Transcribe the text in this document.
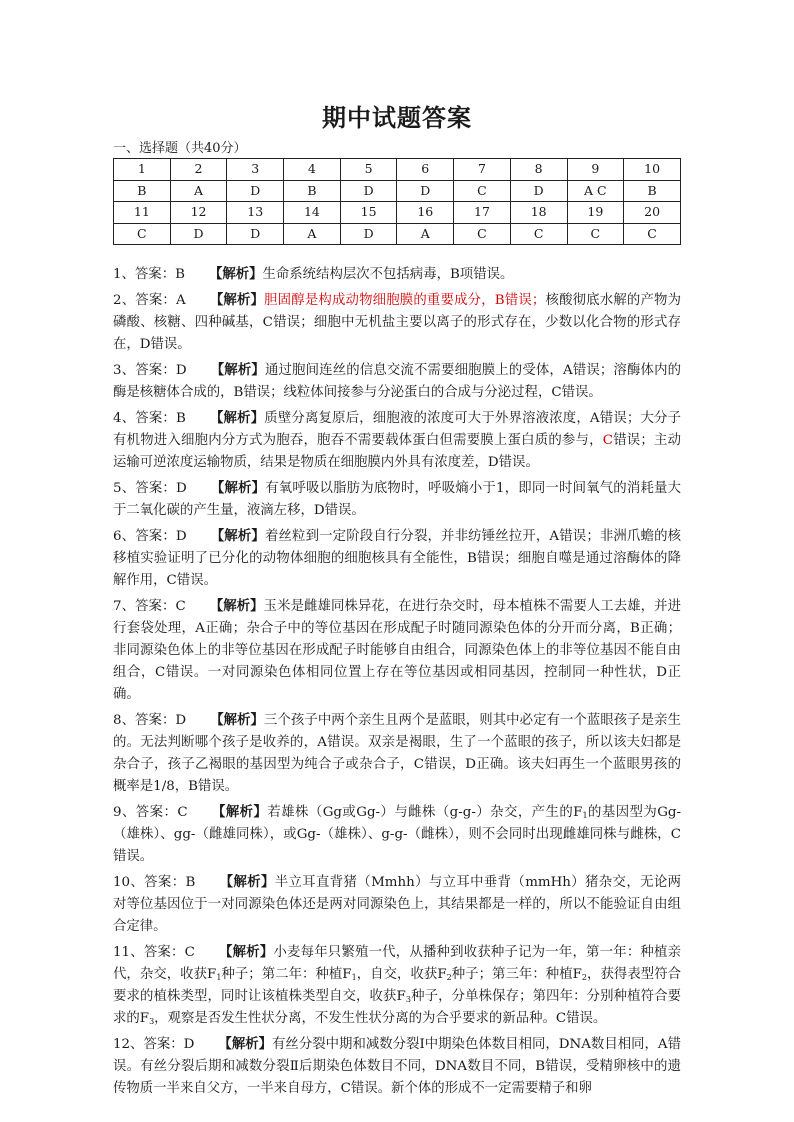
期中试题答案
一、选择题（共40分）
1	2	3	4	5	6	7	8	9	10
B	A	D	B	D	D	C	D	A C	B
11	12	13	14	15	16	17	18	19	20
C	D	D	A	D	A	C	C	C	C

1、答案：B 【解析】生命系统结构层次不包括病毒，B项错误。

2、答案：A 【解析】胆固醇是构成动物细胞膜的重要成分，B错误；核酸彻底水解的产物为磷酸、核糖、四种碱基，C错误；细胞中无机盐主要以离子的形式存在，少数以化合物的形式存在，D错误。

3、答案：D 【解析】通过胞间连丝的信息交流不需要细胞膜上的受体，A错误；溶酶体内的酶是核糖体合成的，B错误；线粒体间接参与分泌蛋白的合成与分泌过程，C错误。

4、答案：B 【解析】质壁分离复原后，细胞液的浓度可大于外界溶液浓度，A错误；大分子有机物进入细胞内分方式为胞吞，胞吞不需要载体蛋白但需要膜上蛋白质的参与，C错误；主动运输可逆浓度运输物质，结果是物质在细胞膜内外具有浓度差，D错误。

5、答案：D 【解析】有氧呼吸以脂肪为底物时，呼吸熵小于1，即同一时间氧气的消耗量大于二氧化碳的产生量，液滴左移，D错误。

6、答案：D 【解析】着丝粒到一定阶段自行分裂，并非纺锤丝拉开，A错误；非洲爪蟾的核移植实验证明了已分化的动物体细胞的细胞核具有全能性，B错误；细胞自噬是通过溶酶体的降解作用，C错误。

7、答案：C 【解析】玉米是雌雄同株异花，在进行杂交时，母本植株不需要人工去雄，并进行套袋处理，A正确；杂合子中的等位基因在形成配子时随同源染色体的分开而分离，B正确；非同源染色体上的非等位基因在形成配子时能够自由组合，同源染色体上的非等位基因不能自由组合，C错误。一对同源染色体相同位置上存在等位基因或相同基因，控制同一种性状，D正确。

8、答案：D 【解析】三个孩子中两个亲生且两个是蓝眼，则其中必定有一个蓝眼孩子是亲生的。无法判断哪个孩子是收养的，A错误。双亲是褐眼，生了一个蓝眼的孩子，所以该夫妇都是杂合子，孩子乙褐眼的基因型为纯合子或杂合子，C错误，D正确。该夫妇再生一个蓝眼男孩的概率是1/8，B错误。

9、答案：C 【解析】若雄株（Gg或Gg-）与雌株（g-g-）杂交，产生的$F_1$的基因型为Gg-（雄株）、gg-（雌雄同株），或Gg-（雄株）、g-g-（雌株），则不会同时出现雌雄同株与雌株，C错误。

10、答案：B 【解析】半立耳直背猪（Mmhh）与立耳中垂背（mmHh）猪杂交，无论两对等位基因位于一对同源染色体还是两对同源染色上，其结果都是一样的，所以不能验证自由组合定律。

11、答案：C 【解析】小麦每年只繁殖一代，从播种到收获种子记为一年，第一年：种植亲代，杂交，收获$F_1$种子；第二年：种植$F_1$，自交，收获$F_2$种子；第三年：种植$F_2$，获得表型符合要求的植株类型，同时让该植株类型自交，收获$F_3$种子，分单株保存；第四年：分别种植符合要求的$F_3$，观察是否发生性状分离，不发生性状分离的为合乎要求的新品种。C错误。

12、答案：D 【解析】有丝分裂中期和减数分裂Ⅰ中期染色体数目相同，DNA数目相同，A错误。有丝分裂后期和减数分裂Ⅱ后期染色体数目不同，DNA数目不同，B错误，受精卵核中的遗传物质一半来自父方，一半来自母方，C错误。新个体的形成不一定需要精子和卵
